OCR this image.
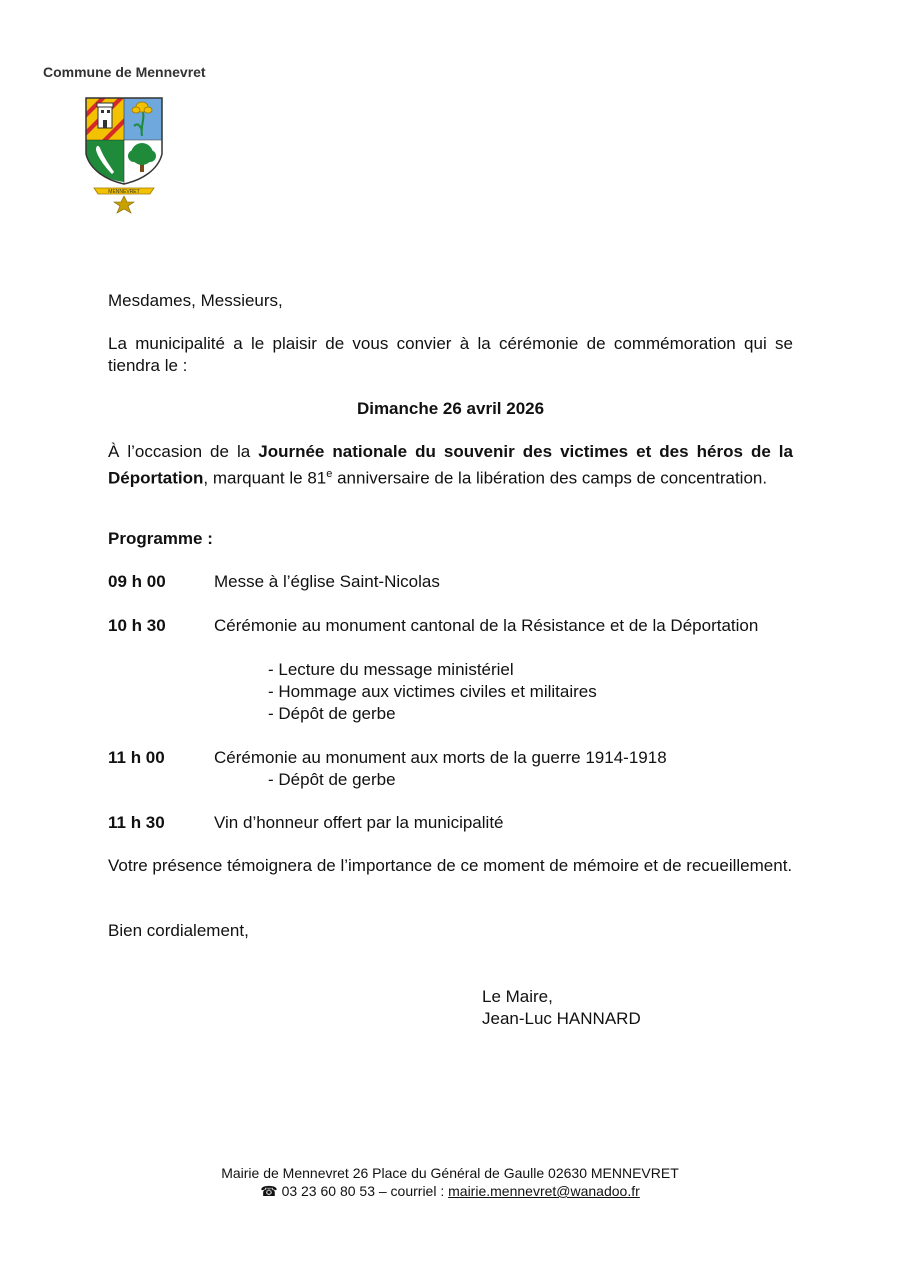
Commune de Mennevret
MENNEVRET
Mesdames, Messieurs,
La municipalité a le plaisir de vous convier à la cérémonie de commémoration qui se tiendra le :
Dimanche 26 avril 2026
À l’occasion de la Journée nationale du souvenir des victimes et des héros de la Déportation, marquant le 81e anniversaire de la libération des camps de concentration.
Programme :
09 h 00	Messe à l’église Saint-Nicolas
10 h 30	Cérémonie au monument cantonal de la Résistance et de la Déportation
- Lecture du message ministériel
- Hommage aux victimes civiles et militaires
- Dépôt de gerbe
11 h 00	Cérémonie au monument aux morts de la guerre 1914-1918
- Dépôt de gerbe
11 h 30	Vin d’honneur offert par la municipalité
Votre présence témoignera de l’importance de ce moment de mémoire et de recueillement.
Bien cordialement,
Le Maire,
Jean-Luc HANNARD
Mairie de Mennevret 26 Place du Général de Gaulle 02630 MENNEVRET
☎ 03 23 60 80 53 – courriel : mairie.mennevret@wanadoo.fr
